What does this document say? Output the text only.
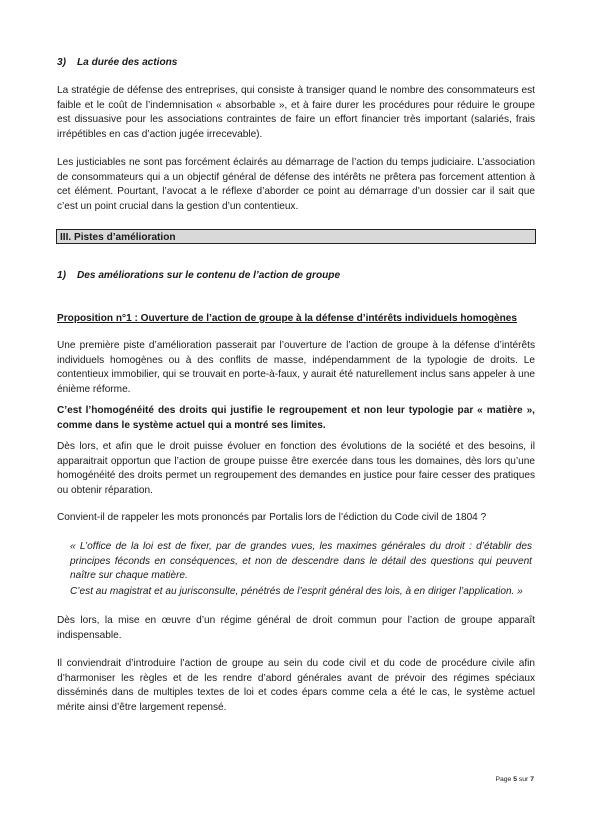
3) La durée des actions

La stratégie de défense des entreprises, qui consiste à transiger quand le nombre des consommateurs est faible et le coût de l’indemnisation « absorbable », et à faire durer les procédures pour réduire le groupe est dissuasive pour les associations contraintes de faire un effort financier très important (salariés, frais irrépétibles en cas d’action jugée irrecevable).

Les justiciables ne sont pas forcément éclairés au démarrage de l’action du temps judiciaire. L’association de consommateurs qui a un objectif général de défense des intérêts ne prêtera pas forcement attention à cet élément. Pourtant, l’avocat a le réflexe d’aborder ce point au démarrage d’un dossier car il sait que c’est un point crucial dans la gestion d’un contentieux.

III. Pistes d’amélioration
1) Des améliorations sur le contenu de l’action de groupe

Proposition n°1 : Ouverture de l’action de groupe à la défense d’intérêts individuels homogènes

Une première piste d’amélioration passerait par l’ouverture de l’action de groupe à la défense d’intérêts individuels homogènes ou à des conflits de masse, indépendamment de la typologie de droits. Le contentieux immobilier, qui se trouvait en porte-à-faux, y aurait été naturellement inclus sans appeler à une énième réforme.

C’est l’homogénéité des droits qui justifie le regroupement et non leur typologie par « matière », comme dans le système actuel qui a montré ses limites.

Dès lors, et afin que le droit puisse évoluer en fonction des évolutions de la société et des besoins, il apparaitrait opportun que l’action de groupe puisse être exercée dans tous les domaines, dès lors qu’une homogénéité des droits permet un regroupement des demandes en justice pour faire cesser des pratiques ou obtenir réparation.

Convient-il de rappeler les mots prononcés par Portalis lors de l’édiction du Code civil de 1804 ?

« L’office de la loi est de fixer, par de grandes vues, les maximes générales du droit : d’établir des principes féconds en conséquences, et non de descendre dans le détail des questions qui peuvent naître sur chaque matière.

C’est au magistrat et au jurisconsulte, pénétrés de l’esprit général des lois, à en diriger l’application. »

Dès lors, la mise en œuvre d’un régime général de droit commun pour l’action de groupe apparaît indispensable.

Il conviendrait d’introduire l’action de groupe au sein du code civil et du code de procédure civile afin d’harmoniser les règles et de les rendre d’abord générales avant de prévoir des régimes spéciaux disséminés dans de multiples textes de loi et codes épars comme cela a été le cas, le système actuel mérite ainsi d’être largement repensé.

Page 5 sur 7
